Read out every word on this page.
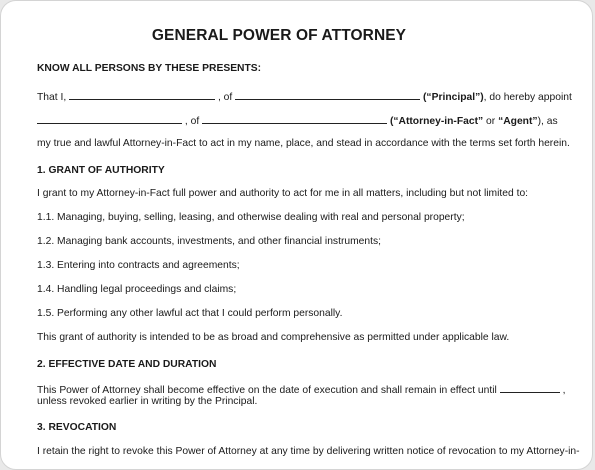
GENERAL POWER OF ATTORNEY
KNOW ALL PERSONS BY THESE PRESENTS:
That I,	, of	(“Principal”), do hereby appoint
, of	(“Attorney-in-Fact” or “Agent”), as
my true and lawful Attorney-in-Fact to act in my name, place, and stead in accordance with the terms set forth herein.
1. GRANT OF AUTHORITY
I grant to my Attorney-in-Fact full power and authority to act for me in all matters, including but not limited to:
1.1. Managing, buying, selling, leasing, and otherwise dealing with real and personal property;
1.2. Managing bank accounts, investments, and other financial instruments;
1.3. Entering into contracts and agreements;
1.4. Handling legal proceedings and claims;
1.5. Performing any other lawful act that I could perform personally.
This grant of authority is intended to be as broad and comprehensive as permitted under applicable law.
2. EFFECTIVE DATE AND DURATION
This Power of Attorney shall become effective on the date of execution and shall remain in effect until	,
unless revoked earlier in writing by the Principal.
3. REVOCATION
I retain the right to revoke this Power of Attorney at any time by delivering written notice of revocation to my Attorney-in-
